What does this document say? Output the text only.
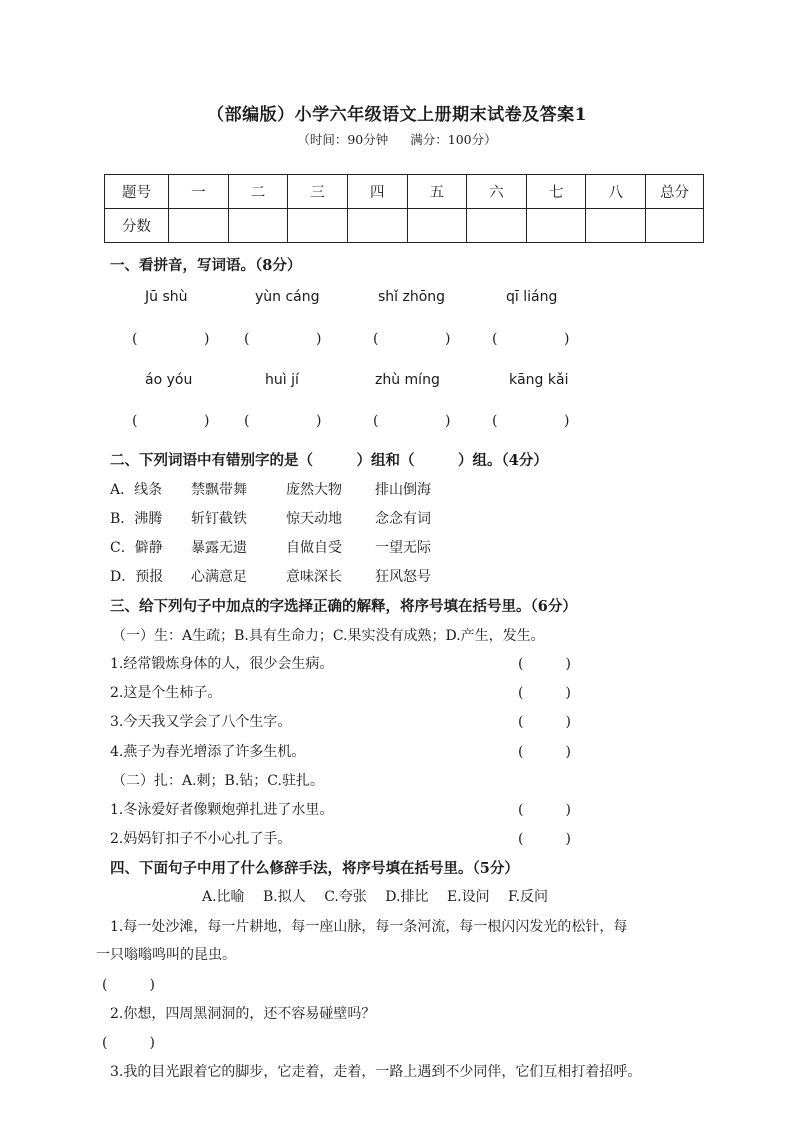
（部编版）小学六年级语文上册期末试卷及答案1
（时间：90分钟 满分：100分）
题号	一	二	三	四	五	六	七	八	总分
分数									
一、看拼音，写词语。（8分）
Jū shù	yùn cáng	shǐ zhōng	qī liáng
(	) (	)	(	)	(	)
áo yóu	huì jí	zhù míng	kāng kǎi
(	) (	)	(	)	(	)
二、下列词语中有错别字的是（　　　）组和（　　　）组。（4分）
A．线条 禁飘带舞	庞然大物 排山倒海
B．沸腾 斩钉截铁	惊天动地 念念有词
C．僻静 暴露无遗	自做自受 一望无际
D．预报 心满意足	意味深长 狂风怒号
三、给下列句子中加点的字选择正确的解释，将序号填在括号里。（6分）
（一）生：A生疏；B.具有生命力；C.果实没有成熟；D.产生，发生。
1.经常锻炼身体的人，很少会生病。	(　　　)
2.这是个生柿子。	(　　　)
3.今天我又学会了八个生字。	(　　　)
4.燕子为春光增添了许多生机。	(　　　)
（二）扎：A.刺；B.钻；C.驻扎。
1.冬泳爱好者像颗炮弹扎进了水里。	(　　　)
2.妈妈钉扣子不小心扎了手。	(　　　)
四、下面句子中用了什么修辞手法，将序号填在括号里。（5分）
A.比喻　 B.拟人　 C.夸张　 D.排比　 E.设问　 F.反问
1.每一处沙滩，每一片耕地，每一座山脉，每一条河流，每一根闪闪发光的松针，每
一只嗡嗡鸣叫的昆虫。
(　　　)
2.你想，四周黑洞洞的，还不容易碰壁吗？
(　　　)
3.我的目光跟着它的脚步，它走着，走着，一路上遇到不少同伴，它们互相打着招呼。
